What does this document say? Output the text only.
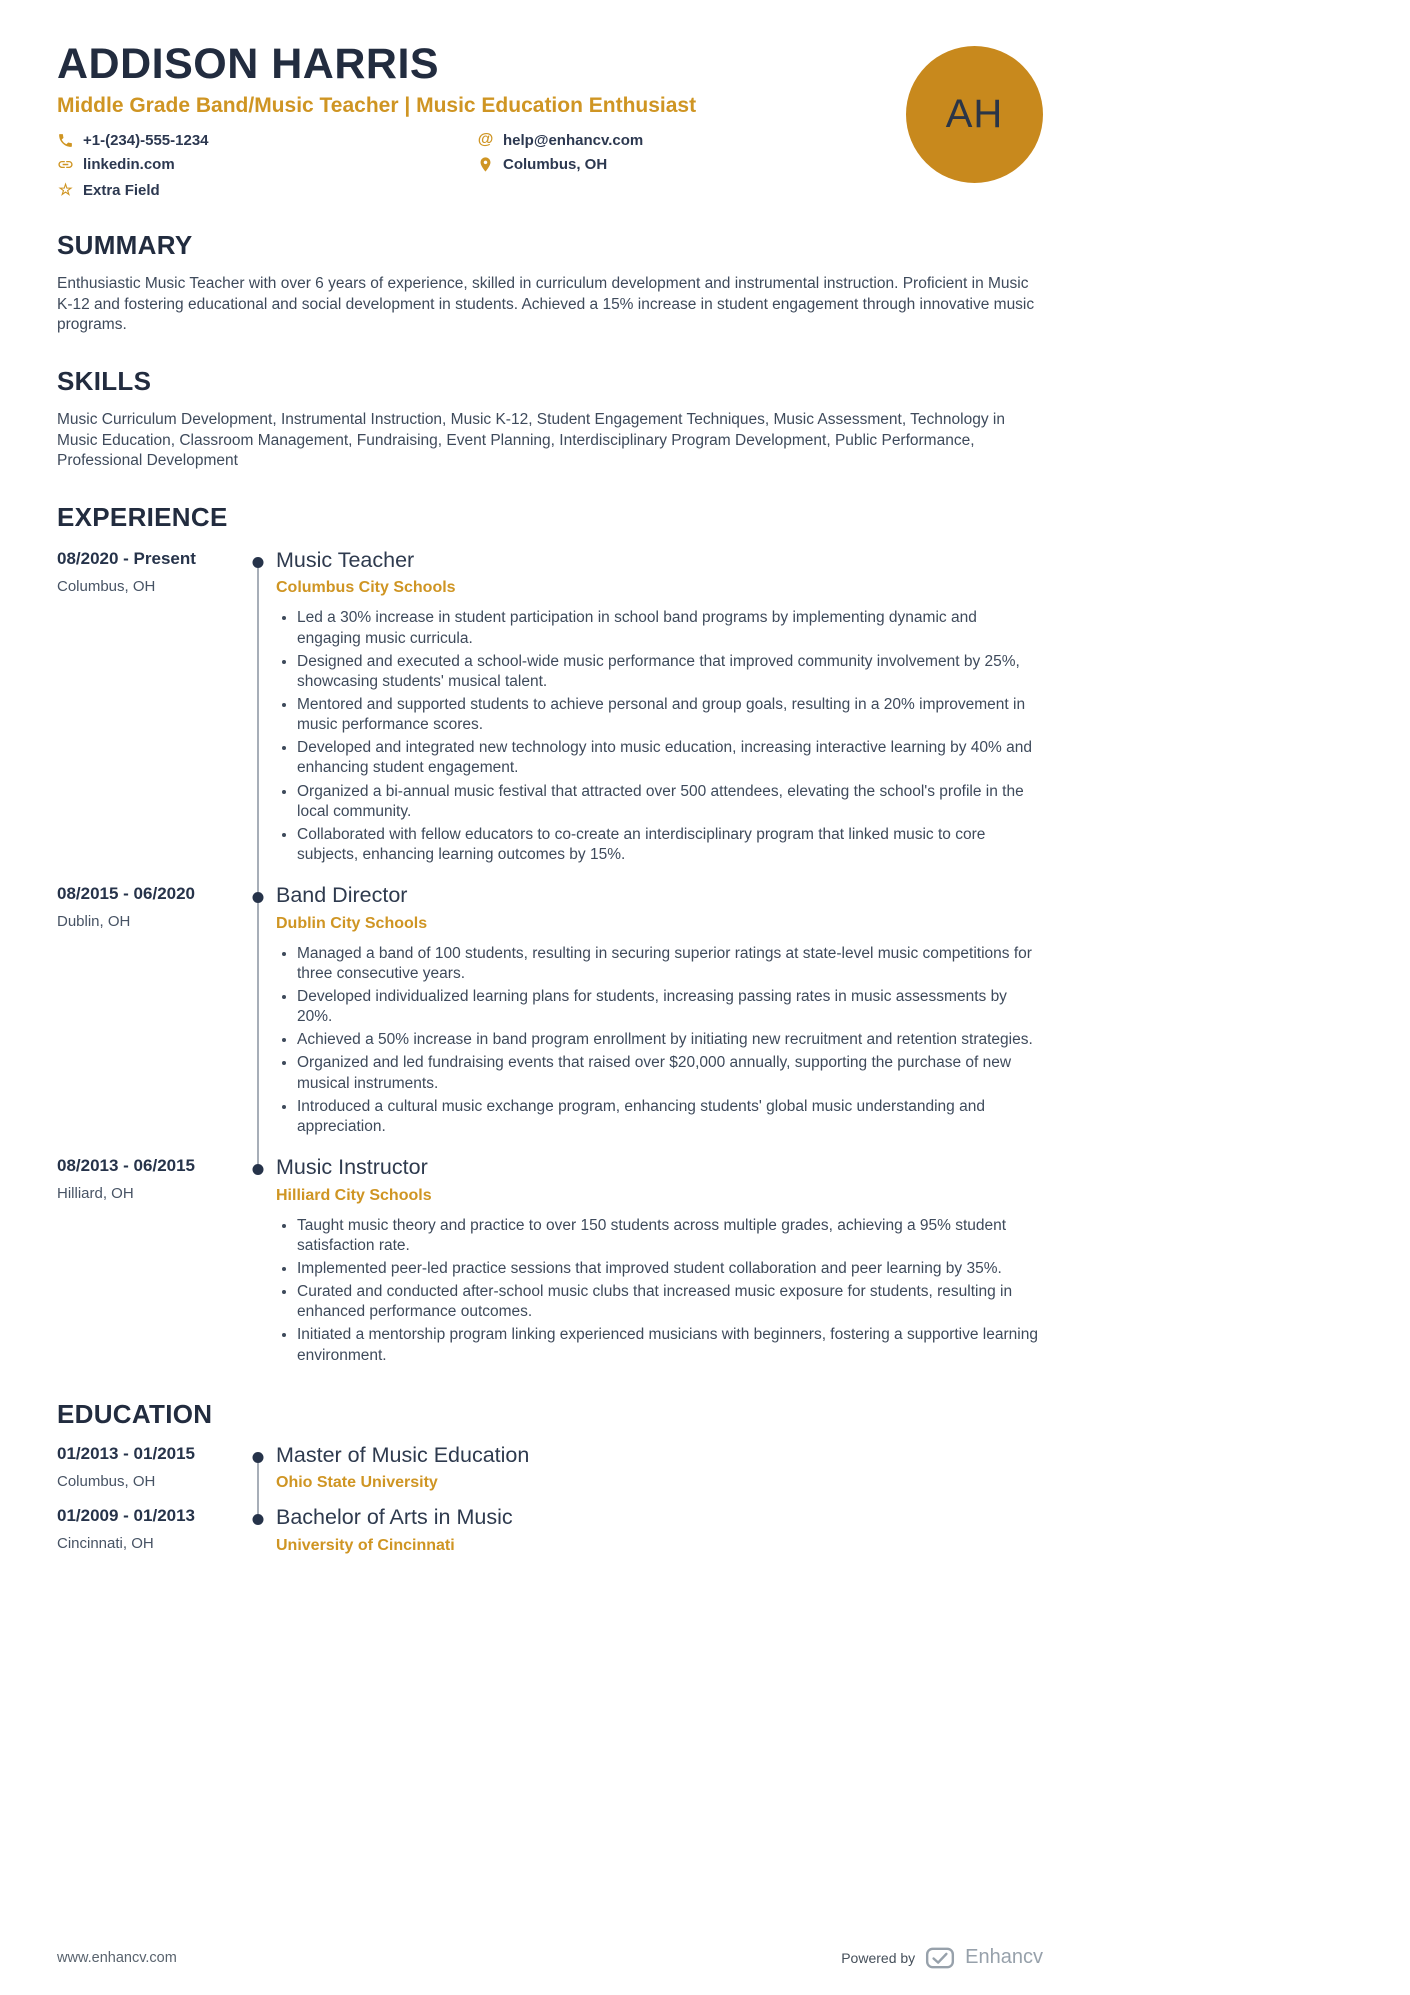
ADDISON HARRIS
Middle Grade Band/Music Teacher | Music Education Enthusiast
+1-(234)-555-1234	@ help@enhancv.com
linkedin.com	Columbus, OH
☆ Extra Field
AH
SUMMARY

Enthusiastic Music Teacher with over 6 years of experience, skilled in curriculum development and instrumental instruction. Proficient in Music K-12 and fostering educational and social development in students. Achieved a 15% increase in student engagement through innovative music programs.

SKILLS

Music Curriculum Development, Instrumental Instruction, Music K-12, Student Engagement Techniques, Music Assessment, Technology in Music Education, Classroom Management, Fundraising, Event Planning, Interdisciplinary Program Development, Public Performance, Professional Development

EXPERIENCE
08/2020 - Present
Columbus, OH
Music Teacher
Columbus City Schools
• Led a 30% increase in student participation in school band programs by implementing dynamic and engaging music curricula.
• Designed and executed a school-wide music performance that improved community involvement by 25%, showcasing students' musical talent.
• Mentored and supported students to achieve personal and group goals, resulting in a 20% improvement in music performance scores.
• Developed and integrated new technology into music education, increasing interactive learning by 40% and enhancing student engagement.
• Organized a bi-annual music festival that attracted over 500 attendees, elevating the school's profile in the local community.
• Collaborated with fellow educators to co-create an interdisciplinary program that linked music to core subjects, enhancing learning outcomes by 15%.
08/2015 - 06/2020
Dublin, OH
Band Director
Dublin City Schools
• Managed a band of 100 students, resulting in securing superior ratings at state-level music competitions for three consecutive years.
• Developed individualized learning plans for students, increasing passing rates in music assessments by 20%.
• Achieved a 50% increase in band program enrollment by initiating new recruitment and retention strategies.
• Organized and led fundraising events that raised over $20,000 annually, supporting the purchase of new musical instruments.
• Introduced a cultural music exchange program, enhancing students' global music understanding and appreciation.
08/2013 - 06/2015
Hilliard, OH
Music Instructor
Hilliard City Schools
• Taught music theory and practice to over 150 students across multiple grades, achieving a 95% student satisfaction rate.
• Implemented peer-led practice sessions that improved student collaboration and peer learning by 35%.
• Curated and conducted after-school music clubs that increased music exposure for students, resulting in enhanced performance outcomes.
• Initiated a mentorship program linking experienced musicians with beginners, fostering a supportive learning environment.
EDUCATION
01/2013 - 01/2015
Columbus, OH
Master of Music Education
Ohio State University
01/2009 - 01/2013
Cincinnati, OH
Bachelor of Arts in Music
University of Cincinnati
www.enhancv.com	Powered by	Enhancv
